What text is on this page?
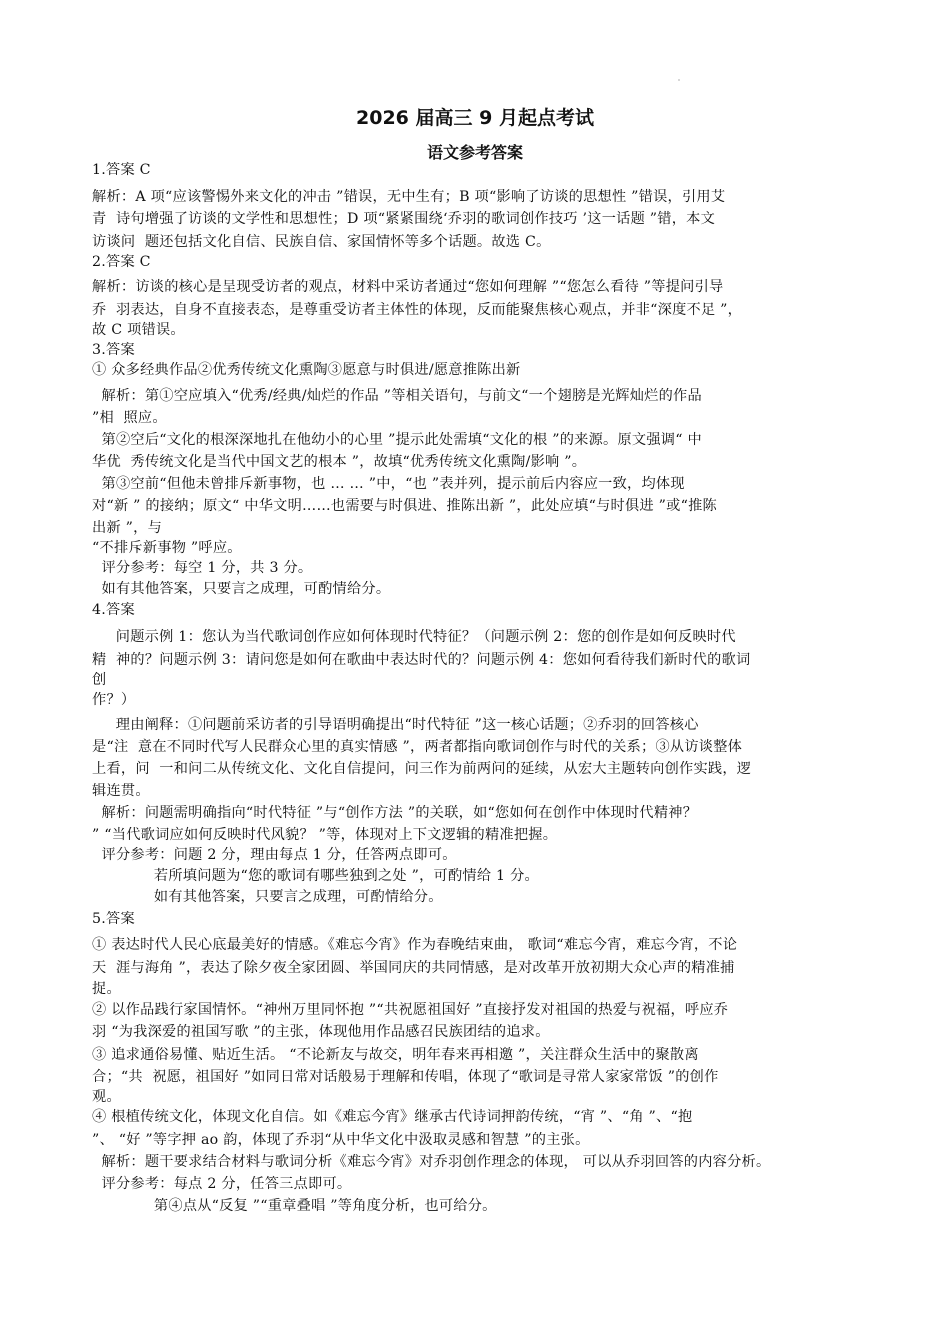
2026 届高三 9 月起点考试
语文参考答案
1.答案 C
解析：A 项“应该警惕外来文化的冲击 ”错误，无中生有；B 项“影响了访谈的思想性 ”错误，引用艾
青  诗句增强了访谈的文学性和思想性；D 项“紧紧围绕‘乔羽的歌词创作技巧 ’这一话题 ”错，本文
访谈问  题还包括文化自信、民族自信、家国情怀等多个话题。故选 C。
2.答案 C
解析：访谈的核心是呈现受访者的观点，材料中采访者通过“您如何理解 ”“您怎么看待 ”等提问引导
乔  羽表达，自身不直接表态，是尊重受访者主体性的体现，反而能聚焦核心观点，并非“深度不足 ”，
故 C 项错误。
3.答案
① 众多经典作品②优秀传统文化熏陶③愿意与时俱进/愿意推陈出新
解析：第①空应填入“优秀/经典/灿烂的作品 ”等相关语句，与前文“一个翅膀是光辉灿烂的作品
”相  照应。
第②空后“文化的根深深地扎在他幼小的心里 ”提示此处需填“文化的根 ”的来源。原文强调“ 中
华优  秀传统文化是当代中国文艺的根本 ”，故填“优秀传统文化熏陶/影响 ”。
第③空前“但他未曾排斥新事物，也 … … ”中，“也 ”表并列，提示前后内容应一致，均体现
对“新 ” 的接纳；原文“ 中华文明……也需要与时俱进、推陈出新 ”，此处应填“与时俱进 ”或“推陈
出新 ”，与
“不排斥新事物 ”呼应。
评分参考：每空 1 分，共 3 分。
如有其他答案，只要言之成理，可酌情给分。
4.答案
问题示例 1：您认为当代歌词创作应如何体现时代特征？（问题示例 2：您的创作是如何反映时代
精  神的？问题示例 3：请问您是如何在歌曲中表达时代的？问题示例 4：您如何看待我们新时代的歌词
创
作？）
理由阐释：①问题前采访者的引导语明确提出“时代特征 ”这一核心话题；②乔羽的回答核心
是“注  意在不同时代写人民群众心里的真实情感 ”，两者都指向歌词创作与时代的关系；③从访谈整体
上看，问  一和问二从传统文化、文化自信提问，问三作为前两问的延续，从宏大主题转向创作实践，逻
辑连贯。
解析：问题需明确指向“时代特征 ”与“创作方法 ”的关联，如“您如何在创作中体现时代精神？
” “当代歌词应如何反映时代风貌？ ”等，体现对上下文逻辑的精准把握。
评分参考：问题 2 分，理由每点 1 分，任答两点即可。
若所填问题为“您的歌词有哪些独到之处 ”，可酌情给 1 分。
如有其他答案，只要言之成理，可酌情给分。
5.答案
① 表达时代人民心底最美好的情感。《难忘今宵》作为春晚结束曲， 歌词“难忘今宵，难忘今宵，不论
天  涯与海角 ”，表达了除夕夜全家团圆、举国同庆的共同情感，是对改革开放初期大众心声的精准捕
捉。
② 以作品践行家国情怀。“神州万里同怀抱 ”“共祝愿祖国好 ”直接抒发对祖国的热爱与祝福，呼应乔
羽 “为我深爱的祖国写歌 ”的主张，体现他用作品感召民族团结的追求。
③ 追求通俗易懂、贴近生活。 “不论新友与故交，明年春来再相邀 ”，关注群众生活中的聚散离
合；“共  祝愿，祖国好 ”如同日常对话般易于理解和传唱，体现了“歌词是寻常人家家常饭 ”的创作
观。
④ 根植传统文化，体现文化自信。如《难忘今宵》继承古代诗词押韵传统，“宵 ”、“角 ”、“抱
”、 “好 ”等字押 ao 韵，体现了乔羽“从中华文化中汲取灵感和智慧 ”的主张。
解析：题干要求结合材料与歌词分析《难忘今宵》对乔羽创作理念的体现， 可以从乔羽回答的内容分析。
评分参考：每点 2 分，任答三点即可。
第④点从“反复 ”“重章叠唱 ”等角度分析，也可给分。
